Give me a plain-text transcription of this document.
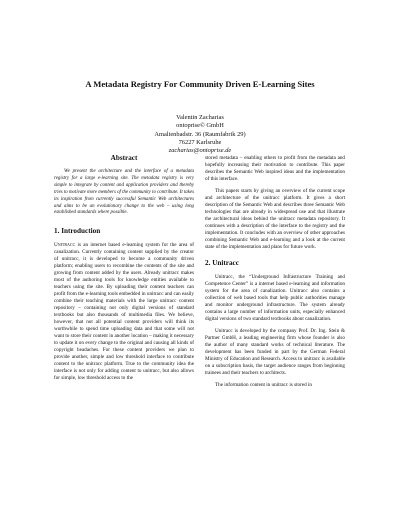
A Metadata Registry For Community Driven E-Learning Sites
Valentin Zacharias
ontoprise© GmbH
Amalienbadstr. 36 (Raumfabrik 29)
76227 Karlsruhe
zacharias@ontoprise.de
Abstract

We present the architecture and the interface of a metadata registry for a large e-learning site. The metadata registry is very simple to integrate by content and application providers and thereby tries to motivate more members of the community to contribute. It takes its inspiration from currently successful Semantic Web architectures and aims to be an evolutionary change to the web – using long established standards where possible.

1. Introduction

Unitracc is an internet based e-learning system for the area of canalization. Currently containing content supplied by the creator of unitracc, it is developed to become a community driven platform; enabling users to recombine the contents of the site and growing from content added by the users. Already unitracc makes most of the authoring tools for knowledge entities available to teachers using the site. By uploading their content teachers can profit from the e-learning tools embedded in unitracc and can easily combine their teaching materials with the large unitracc content repository – containing not only digital versions of standard textbooks but also thousands of multimedia files. We believe, however, that not all potential content providers will think its worthwhile to spend time uploading data and that some will not want to store their content in another location – making it necessary to update it on every change to the original and causing all kinds of copyright headaches. For these content providers we plan to provide another, simple and low threshold interface to contribute content to the unitracc platform. True to the community idea the interface is not only for adding content to unitracc, but also allows for simple, low threshold access to the

stored metadata – enabling others to profit from the metadata and hopefully increasing their motivation to contribute. This paper describes the Semantic Web inspired ideas and the implementation of this interface.

This papers starts by giving an overview of the current scope and architecture of the unitracc platform. It gives a short description of the Semantic Web and describes three Semantic Web technologies that are already in widespread use and that illustrate the architectural ideas behind the unitracc metadata repository. It continues with a description of the interface to the registry and the implementation. It concludes with an overview of other approaches combining Semantic Web and e-learning and a look at the current state of the implementation and plans for future work.

2. Unitracc

Unitracc, the “Underground Infrastructure Training and Competence Center” is a internet based e-learning and information system for the area of canalization. Unitracc also contains a collection of web based tools that help public authorities manage and monitor underground infrastructure. The system already contains a large number of information units, especially enhanced digital versions of two standard textbooks about canalization.

Unitracc is developed by the company Prof. Dr. Ing. Stein & Partner GmbH, a leading engineering firm whose founder is also the author of many standard works of technical literature. The development has been funded in part by the German Federal Ministry of Education and Research. Access to unitracc is available on a subscription basis, the target audience ranges from beginning trainees and their teachers to architects.

The information content in unitracc is stored in
